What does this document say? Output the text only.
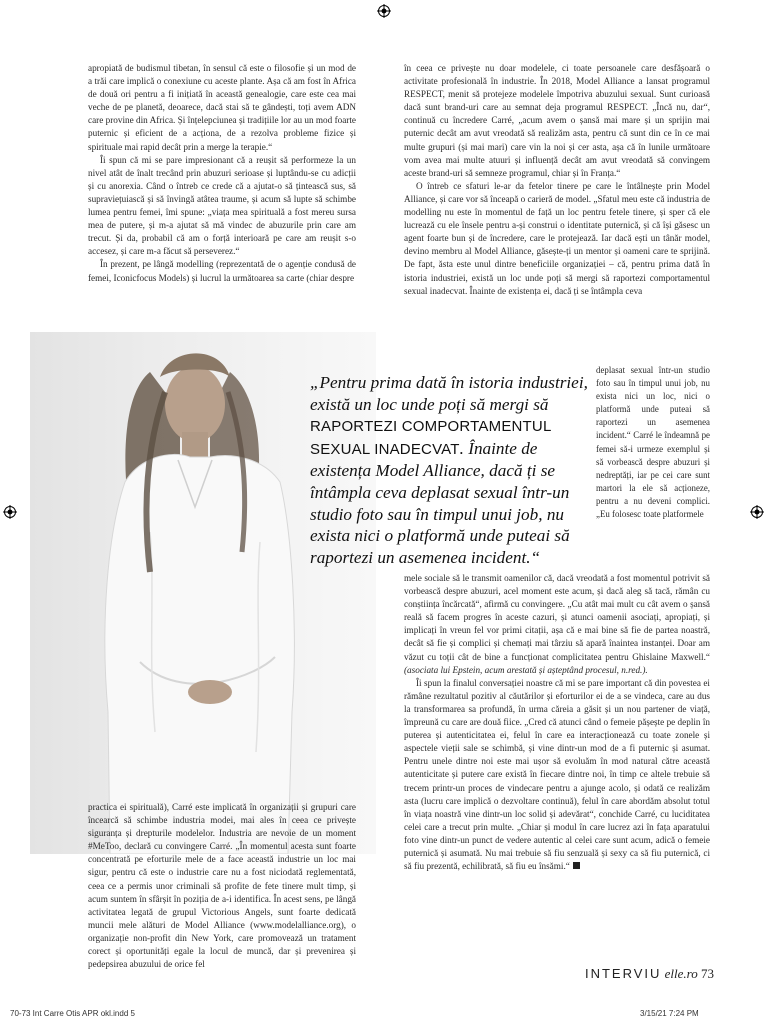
apropiată de budismul tibetan, în sensul că este o filosofie și un mod de a trăi care implică o conexiune cu aceste plante. Așa că am fost în Africa de două ori pentru a fi inițiată în această genealogie, care este cea mai veche de pe planetă, deoarece, dacă stai să te gândești, toți avem ADN care provine din Africa. Și înțelepciunea și tradițiile lor au un mod foarte puternic și eficient de a acționa, de a rezolva probleme fizice și spirituale mai rapid decât prin a merge la terapie.“

Îi spun că mi se pare impresionant că a reușit să performeze la un nivel atât de înalt trecând prin abuzuri serioase și luptându-se cu adicții și cu anorexia. Când o întreb ce crede că a ajutat-o să țintească sus, să supraviețuiască și să învingă atâtea traume, și acum să lupte să schimbe lumea pentru femei, îmi spune: „viața mea spirituală a fost mereu sursa mea de putere, și m-a ajutat să mă vindec de abuzurile prin care am trecut. Și da, probabil că am o forță interioară pe care am reușit s-o accesez, și care m-a făcut să perseverez.“

În prezent, pe lângă modelling (reprezentată de o agenție condusă de femei, Iconicfocus Models) și lucrul la următoarea sa carte (chiar despre

în ceea ce privește nu doar modelele, ci toate persoanele care desfășoară o activitate profesională în industrie. În 2018, Model Alliance a lansat programul RESPECT, menit să protejeze modelele împotriva abuzului sexual. Sunt curioasă dacă sunt brand-uri care au semnat deja programul RESPECT. „Încă nu, dar“, continuă cu încredere Carré, „acum avem o șansă mai mare și un sprijin mai puternic decât am avut vreodată să realizăm asta, pentru că sunt din ce în ce mai multe grupuri (și mai mari) care vin la noi și cer asta, așa că în lunile următoare vom avea mai multe atuuri și influență decât am avut vreodată să convingem aceste brand-uri să semneze programul, chiar și în Franța.“

O întreb ce sfaturi le-ar da fetelor tinere pe care le întâlnește prin Model Alliance, și care vor să înceapă o carieră de model. „Sfatul meu este că industria de modelling nu este în momentul de față un loc pentru fetele tinere, și sper că ele lucrează cu ele însele pentru a-și construi o identitate puternică, și că își găsesc un agent foarte bun și de încredere, care le protejează. Iar dacă ești un tânăr model, devino membru al Model Alliance, găsește-ți un mentor și oameni care te sprijină. De fapt, ăsta este unul dintre beneficiile organizației – că, pentru prima dată în istoria industriei, există un loc unde poți să mergi să raportezi comportamentul sexual inadecvat. Înainte de existența ei, dacă ți se întâmpla ceva

„Pentru prima dată în istoria industriei, există un loc unde poți să mergi să RAPORTEZI COMPORTAMENTUL SEXUAL INADECVAT. Înainte de existența Model Alliance, dacă ți se întâmpla ceva deplasat sexual într-un studio foto sau în timpul unui job, nu exista nici o platformă unde puteai să raportezi un asemenea incident.“

deplasat sexual într-un studio foto sau în timpul unui job, nu exista nici un loc, nici o platformă unde puteai să raportezi un asemenea incident.“ Carré le îndeamnă pe femei să-i urmeze exemplul și să vorbească despre abuzuri și nedreptăți, iar pe cei care sunt martori la ele să acționeze, pentru a nu deveni complici. „Eu folosesc toate platformele

mele sociale să le transmit oamenilor că, dacă vreodată a fost momentul potrivit să vorbească despre abuzuri, acel moment este acum, și dacă aleg să tacă, rămân cu conștiința încărcată“, afirmă cu convingere. „Cu atât mai mult cu cât avem o șansă reală să facem progres în aceste cazuri, și atunci oamenii asociați, apropiați, și implicați în vreun fel vor primi citații, așa că e mai bine să fie de partea noastră, decât să fie și complici și chemați mai târziu să apară înaintea instanței. Doar am văzut cu toții cât de bine a funcționat complicitatea pentru Ghislaine Maxwell.“ (asociata lui Epstein, acum arestată și așteptând procesul, n.red.).

Îi spun la finalul conversației noastre că mi se pare important că din povestea ei rămâne rezultatul pozitiv al căutărilor și eforturilor ei de a se vindeca, care au dus la transformarea sa profundă, în urma căreia a găsit și un nou partener de viață, împreună cu care are două fiice. „Cred că atunci când o femeie pășește pe deplin în puterea și autenticitatea ei, felul în care ea interacționează cu toate zonele și aspectele vieții sale se schimbă, și vine dintr-un mod de a fi puternic și asumat. Pentru unele dintre noi este mai ușor să evoluăm în mod natural către această autenticitate și putere care există în fiecare dintre noi, în timp ce altele trebuie să trecem printr-un proces de vindecare pentru a ajunge acolo, și odată ce realizăm asta (lucru care implică o dezvoltare continuă), felul în care abordăm absolut totul în viața noastră vine dintr-un loc solid și adevărat“, conchide Carré, cu luciditatea celei care a trecut prin multe. „Chiar și modul în care lucrez azi în fața aparatului foto vine dintr-un punct de vedere autentic al celei care sunt acum, adică o femeie puternică și asumată. Nu mai trebuie să fiu senzuală și sexy ca să fiu puternică, ci să fiu prezentă, echilibrată, să fiu eu însămi.“

practica ei spirituală), Carré este implicată în organizații și grupuri care încearcă să schimbe industria modei, mai ales în ceea ce privește siguranța și drepturile modelelor. Industria are nevoie de un moment #MeToo, declară cu convingere Carré. „În momentul acesta sunt foarte concentrată pe eforturile mele de a face această industrie un loc mai sigur, pentru că este o industrie care nu a fost niciodată reglementată, ceea ce a permis unor criminali să profite de fete tinere mult timp, și acum suntem în sfârșit în poziția de a-i identifica. În acest sens, pe lângă activitatea legată de grupul Victorious Angels, sunt foarte dedicată muncii mele alături de Model Alliance (www.modelalliance.org), o organizație non-profit din New York, care promovează un tratament corect și oportunități egale la locul de muncă, dar și prevenirea și pedepsirea abuzului de orice fel

INTERVIU elle.ro 73
70-73 Int Carre Otis APR okl.indd 5	3/15/21 7:24 PM
